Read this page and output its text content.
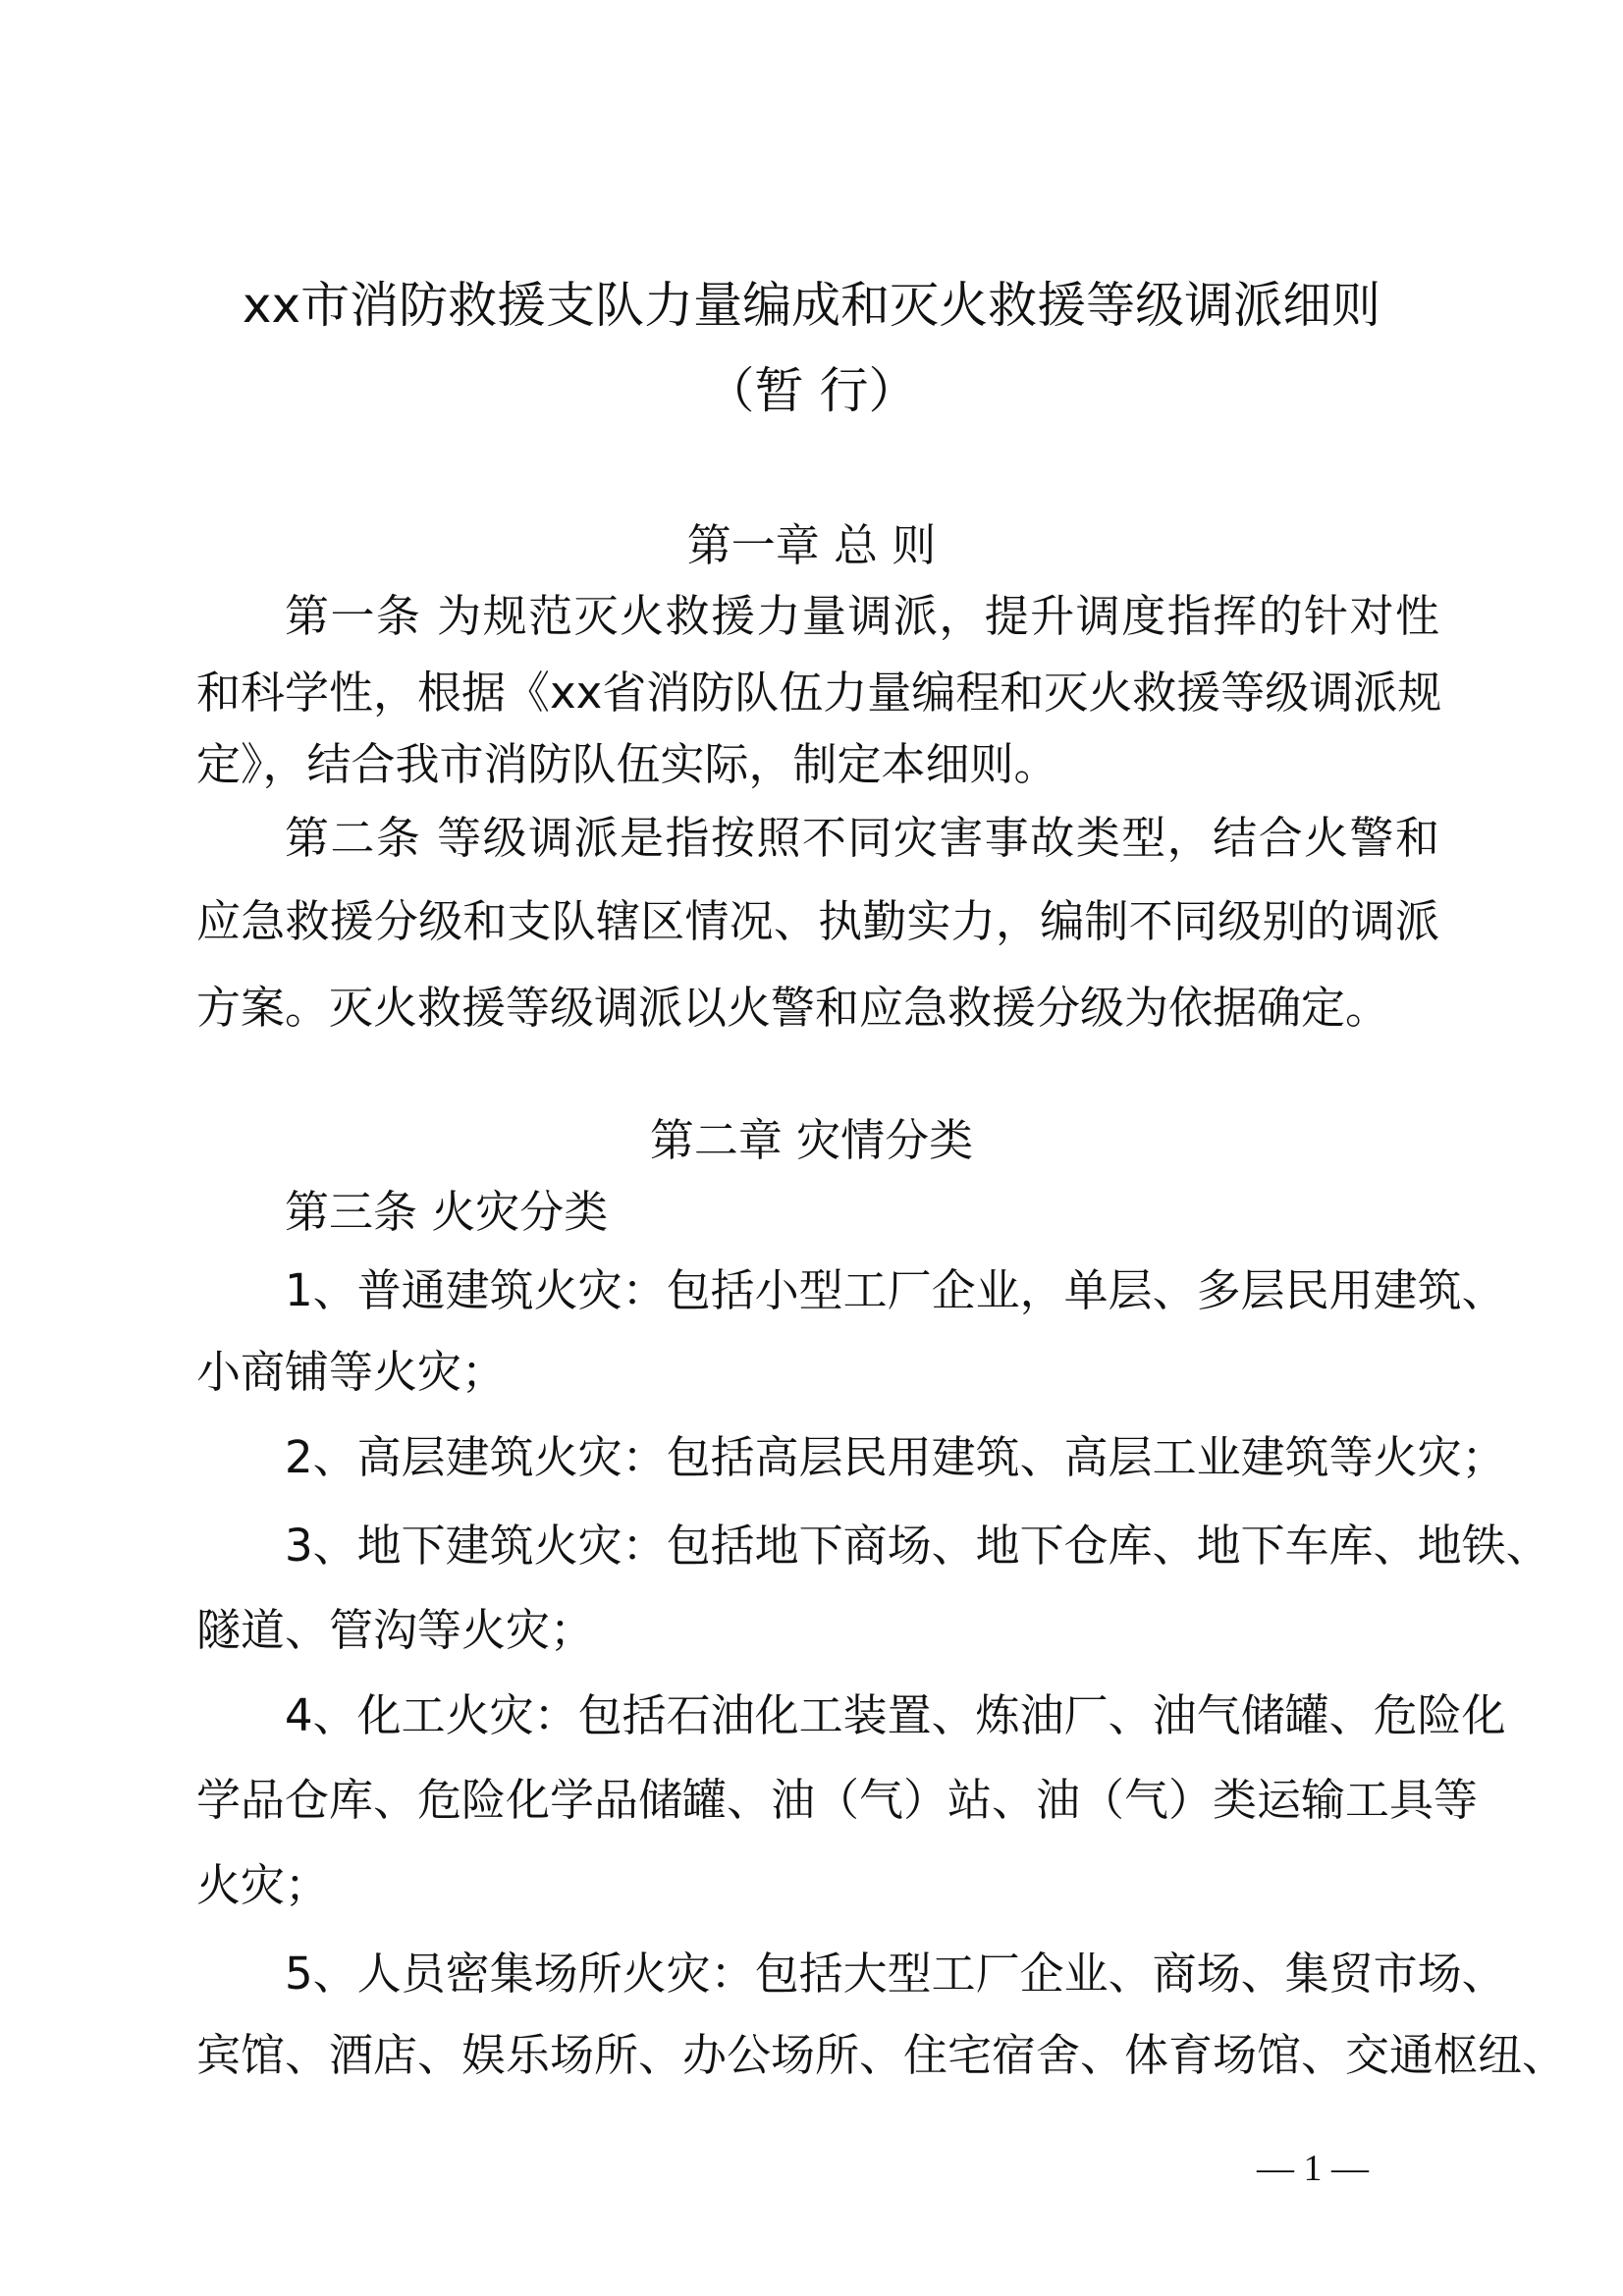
xx市消防救援支队力量编成和灭火救援等级调派细则
（暂 行）
第一章 总 则
第一条 为规范灭火救援力量调派，提升调度指挥的针对性
和科学性，根据《xx省消防队伍力量编程和灭火救援等级调派规
定》，结合我市消防队伍实际，制定本细则。
第二条 等级调派是指按照不同灾害事故类型，结合火警和
应急救援分级和支队辖区情况、执勤实力，编制不同级别的调派
方案。灭火救援等级调派以火警和应急救援分级为依据确定。
第二章 灾情分类
第三条 火灾分类
1、普通建筑火灾：包括小型工厂企业，单层、多层民用建筑、
小商铺等火灾；
2、高层建筑火灾：包括高层民用建筑、高层工业建筑等火灾；
3、地下建筑火灾：包括地下商场、地下仓库、地下车库、地铁、
隧道、管沟等火灾；
4、化工火灾：包括石油化工装置、炼油厂、油气储罐、危险化
学品仓库、危险化学品储罐、油（气）站、油（气）类运输工具等
火灾；
5、人员密集场所火灾：包括大型工厂企业、商场、集贸市场、
宾馆、酒店、娱乐场所、办公场所、住宅宿舍、体育场馆、交通枢纽、
— 1 —
